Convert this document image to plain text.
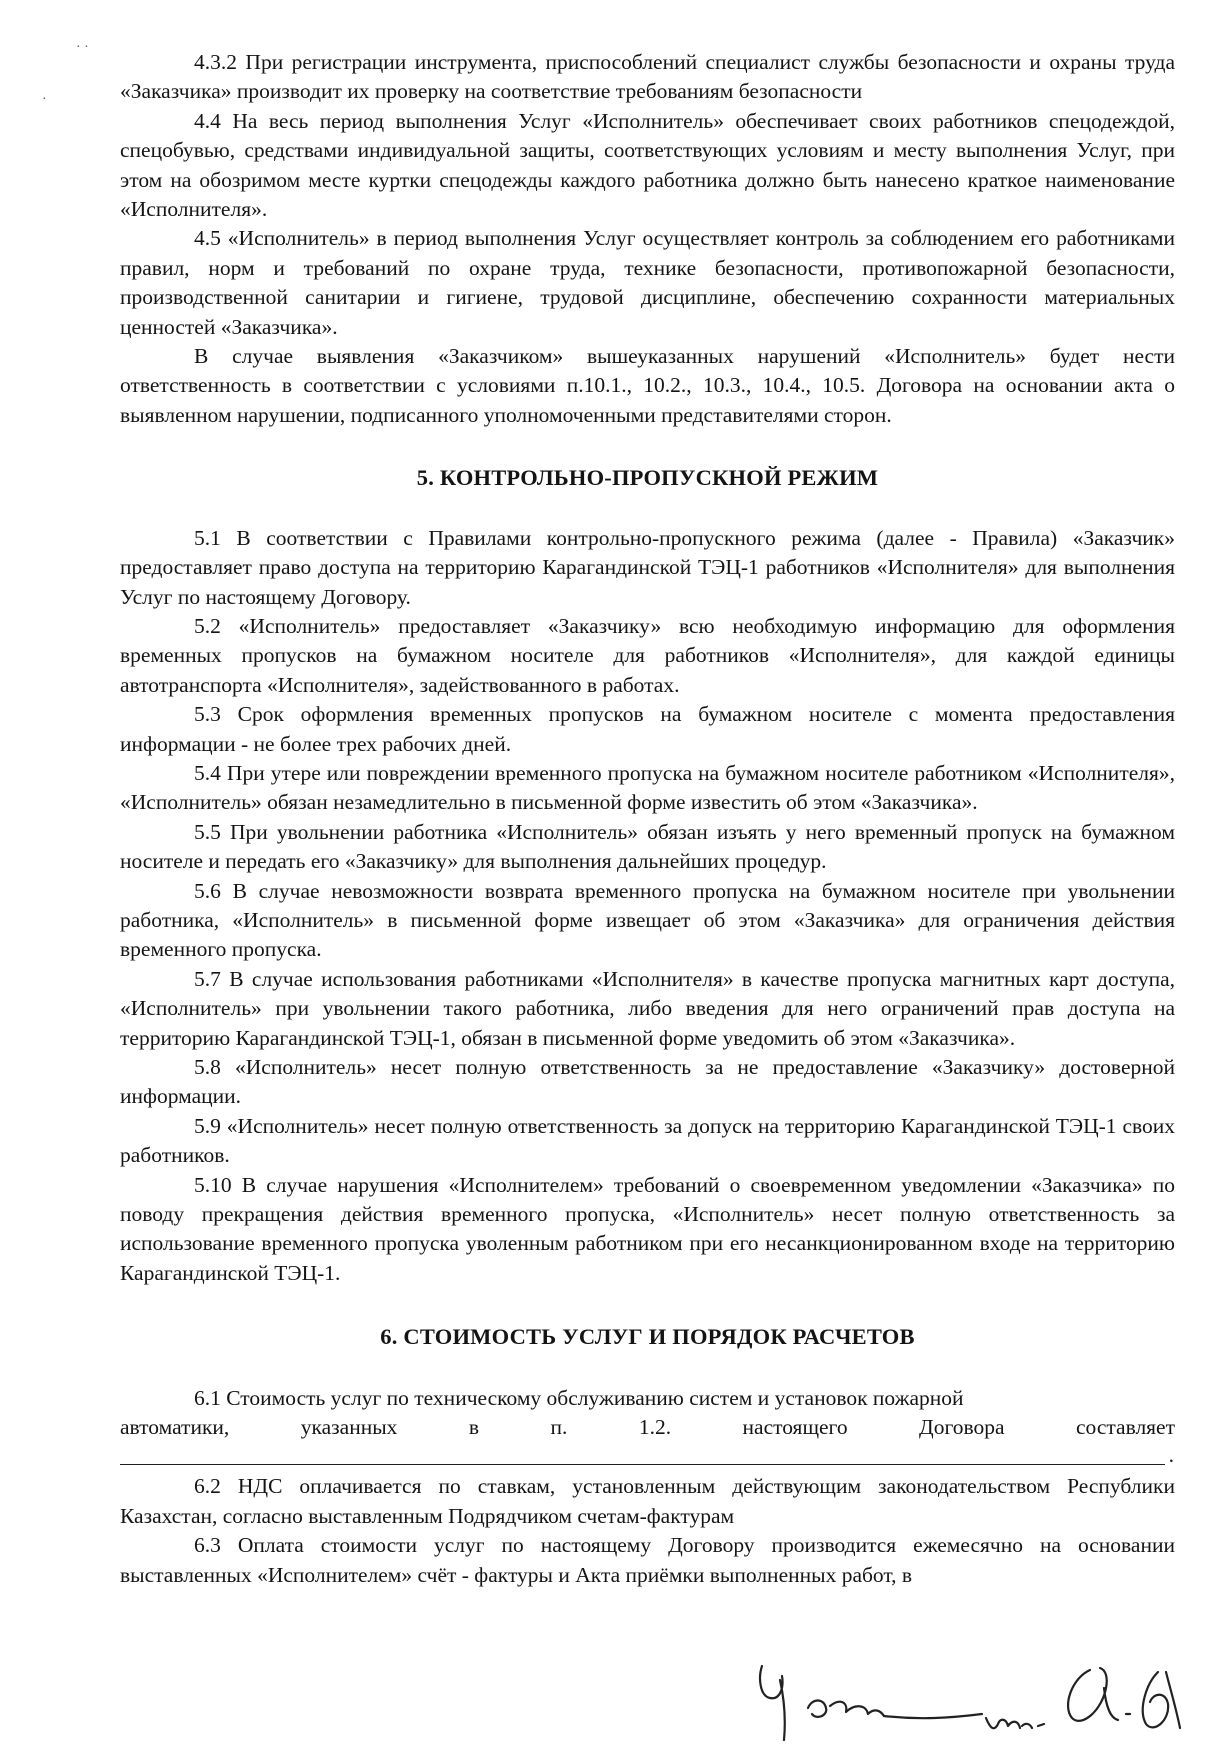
· ·
·

4.3.2 При регистрации инструмента, приспособлений специалист службы безопасности и охраны труда «Заказчика» производит их проверку на соответствие требованиям безопасности

4.4 На весь период выполнения Услуг «Исполнитель» обеспечивает своих работников спецодеждой, спецобувью, средствами индивидуальной защиты, соответствующих условиям и месту выполнения Услуг, при этом на обозримом месте куртки спецодежды каждого работника должно быть нанесено краткое наименование «Исполнителя».

4.5 «Исполнитель» в период выполнения Услуг осуществляет контроль за соблюдением его работниками правил, норм и требований по охране труда, технике безопасности, противопожарной безопасности, производственной санитарии и гигиене, трудовой дисциплине, обеспечению сохранности материальных ценностей «Заказчика».

В случае выявления «Заказчиком» вышеуказанных нарушений «Исполнитель» будет нести ответственность в соответствии с условиями п.10.1., 10.2., 10.3., 10.4., 10.5. Договора на основании акта о выявленном нарушении, подписанного уполномоченными представителями сторон.

5. КОНТРОЛЬНО-ПРОПУСКНОЙ РЕЖИМ

5.1 В соответствии с Правилами контрольно-пропускного режима (далее - Правила) «Заказчик» предоставляет право доступа на территорию Карагандинской ТЭЦ-1 работников «Исполнителя» для выполнения Услуг по настоящему Договору.

5.2 «Исполнитель» предоставляет «Заказчику» всю необходимую информацию для оформления временных пропусков на бумажном носителе для работников «Исполнителя», для каждой единицы автотранспорта «Исполнителя», задействованного в работах.

5.3 Срок оформления временных пропусков на бумажном носителе с момента предоставления информации - не более трех рабочих дней.

5.4 При утере или повреждении временного пропуска на бумажном носителе работником «Исполнителя», «Исполнитель» обязан незамедлительно в письменной форме известить об этом «Заказчика».

5.5 При увольнении работника «Исполнитель» обязан изъять у него временный пропуск на бумажном носителе и передать его «Заказчику» для выполнения дальнейших процедур.

5.6 В случае невозможности возврата временного пропуска на бумажном носителе при увольнении работника, «Исполнитель» в письменной форме извещает об этом «Заказчика» для ограничения действия временного пропуска.

5.7 В случае использования работниками «Исполнителя» в качестве пропуска магнитных карт доступа, «Исполнитель» при увольнении такого работника, либо введения для него ограничений прав доступа на территорию Карагандинской ТЭЦ-1, обязан в письменной форме уведомить об этом «Заказчика».

5.8 «Исполнитель» несет полную ответственность за не предоставление «Заказчику» достоверной информации.

5.9 «Исполнитель» несет полную ответственность за допуск на территорию Карагандинской ТЭЦ-1 своих работников.

5.10 В случае нарушения «Исполнителем» требований о своевременном уведомлении «Заказчика» по поводу прекращения действия временного пропуска, «Исполнитель» несет полную ответственность за использование временного пропуска уволенным работником при его несанкционированном входе на территорию Карагандинской ТЭЦ-1.

6. СТОИМОСТЬ УСЛУГ И ПОРЯДОК РАСЧЕТОВ

6.1 Стоимость услуг по техническому обслуживанию систем и установок пожарной

автоматики,	указанных	в	п.	1.2.	настоящего	Договора	составляет
.

6.2 НДС оплачивается по ставкам, установленным действующим законодательством Республики Казахстан, согласно выставленным Подрядчиком счетам-фактурам

6.3 Оплата стоимости услуг по настоящему Договору производится ежемесячно на основании выставленных «Исполнителем» счёт - фактуры и Акта приёмки выполненных работ, в
